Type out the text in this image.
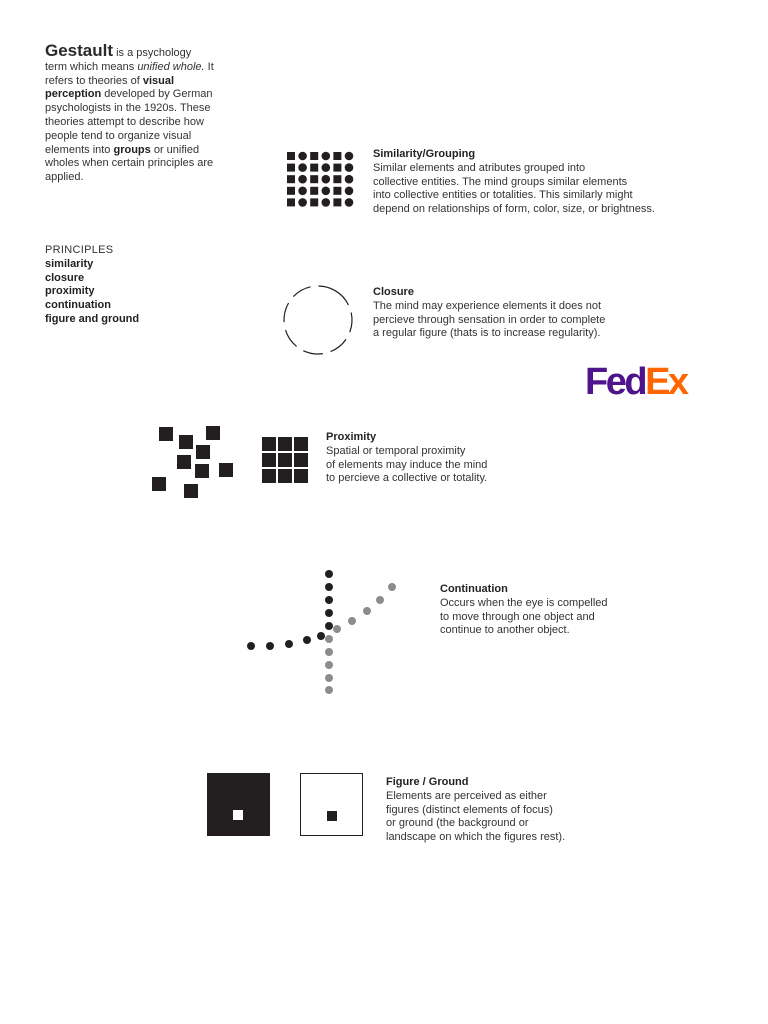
Gestault is a psychology term which means unified whole. It refers to theories of visual perception developed by German psychologists in the 1920s. These theories attempt to describe how people tend to organize visual elements into groups or unified wholes when certain principles are applied.
PRINCIPLES
similarity
closure
proximity
continuation
figure and ground
Similarity/Grouping
Similar elements and atributes grouped into
collective entities. The mind groups similar elements
into collective entities or totalities. This similarly might
depend on relationships of form, color, size, or brightness.
Closure
The mind may experience elements it does not
percieve through sensation in order to complete
a regular figure (thats is to increase regularity).
FedEx
Proximity
Spatial or temporal proximity
of elements may induce the mind
to percieve a collective or totality.
Continuation
Occurs when the eye is compelled
to move through one object and
continue to another object.
Figure / Ground
Elements are perceived as either
figures (distinct elements of focus)
or ground (the background or
landscape on which the figures rest).
